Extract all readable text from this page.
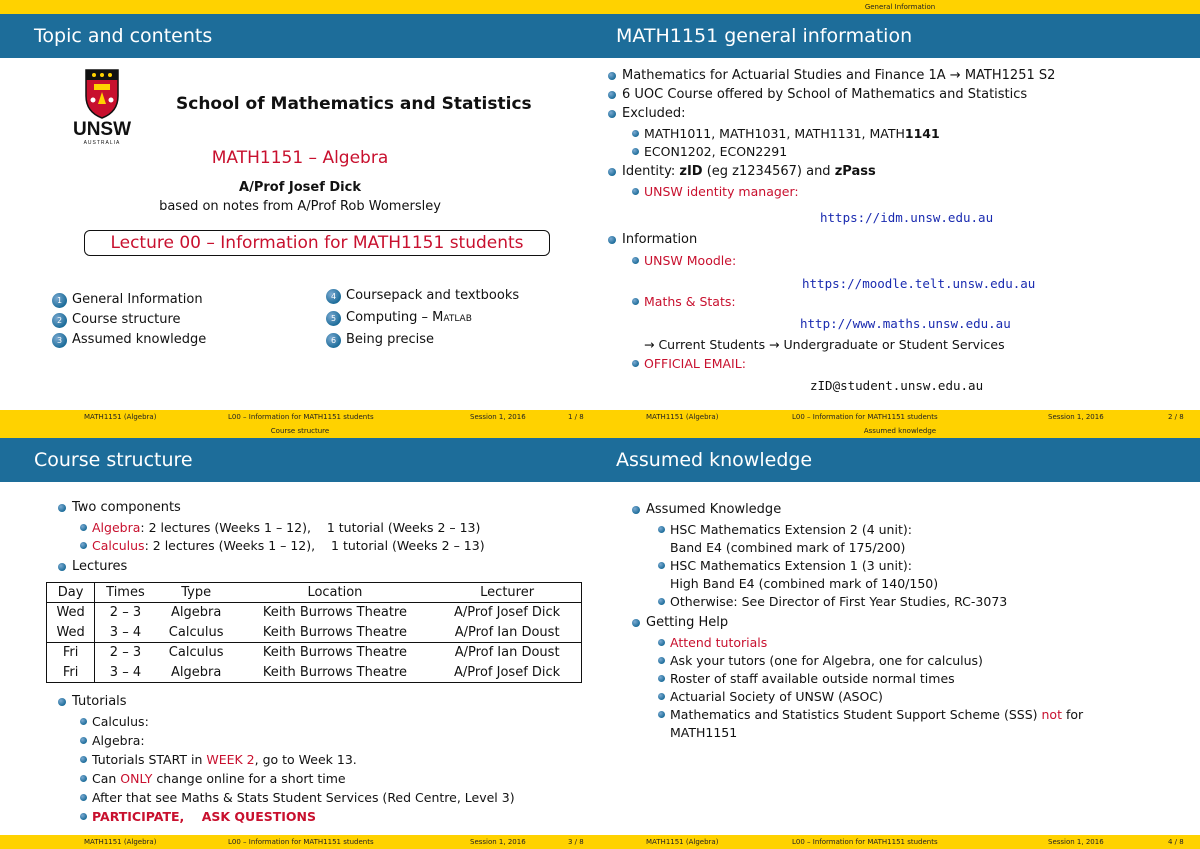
Topic and contents
UNSW
AUSTRALIA
School of Mathematics and Statistics
MATH1151 – Algebra
A/Prof Josef Dick
based on notes from A/Prof Rob Womersley
Lecture 00 – Information for MATH1151 students
1 General Information
2 Course structure
3 Assumed knowledge
4 Coursepack and textbooks
5 Computing – Matlab
6 Being precise
MATH1151 (Algebra)	L00 – Information for MATH1151 students	Session 1, 2016	1 / 8
General Information
MATH1151 general information
Mathematics for Actuarial Studies and Finance 1A → MATH1251 S2
6 UOC Course offered by School of Mathematics and Statistics
Excluded:
MATH1011, MATH1031, MATH1131, MATH1141
ECON1202, ECON2291
Identity: zID (eg z1234567) and zPass
UNSW identity manager:
https://idm.unsw.edu.au
Information
UNSW Moodle:
https://moodle.telt.unsw.edu.au
Maths & Stats:
http://www.maths.unsw.edu.au
→ Current Students → Undergraduate or Student Services
OFFICIAL EMAIL:
zID@student.unsw.edu.au
MATH1151 (Algebra)	L00 – Information for MATH1151 students	Session 1, 2016	2 / 8
Course structure
Course structure
Two components
Algebra: 2 lectures (Weeks 1 – 12), 1 tutorial (Weeks 2 – 13)
Calculus: 2 lectures (Weeks 1 – 12), 1 tutorial (Weeks 2 – 13)
Lectures
Day	Times	Type	Location	Lecturer
Wed	2 – 3	Algebra	Keith Burrows Theatre	A/Prof Josef Dick
Wed	3 – 4	Calculus	Keith Burrows Theatre	A/Prof Ian Doust
Fri	2 – 3	Calculus	Keith Burrows Theatre	A/Prof Ian Doust
Fri	3 – 4	Algebra	Keith Burrows Theatre	A/Prof Josef Dick
Tutorials
Calculus:
Algebra:
Tutorials START in WEEK 2, go to Week 13.
Can ONLY change online for a short time
After that see Maths & Stats Student Services (Red Centre, Level 3)
PARTICIPATE, ASK QUESTIONS
MATH1151 (Algebra)	L00 – Information for MATH1151 students	Session 1, 2016	3 / 8
Assumed knowledge
Assumed knowledge
Assumed Knowledge
HSC Mathematics Extension 2 (4 unit):
Band E4 (combined mark of 175/200)
HSC Mathematics Extension 1 (3 unit):
High Band E4 (combined mark of 140/150)
Otherwise: See Director of First Year Studies, RC-3073
Getting Help
Attend tutorials
Ask your tutors (one for Algebra, one for calculus)
Roster of staff available outside normal times
Actuarial Society of UNSW (ASOC)
Mathematics and Statistics Student Support Scheme (SSS) not for
MATH1151
MATH1151 (Algebra)	L00 – Information for MATH1151 students	Session 1, 2016	4 / 8
